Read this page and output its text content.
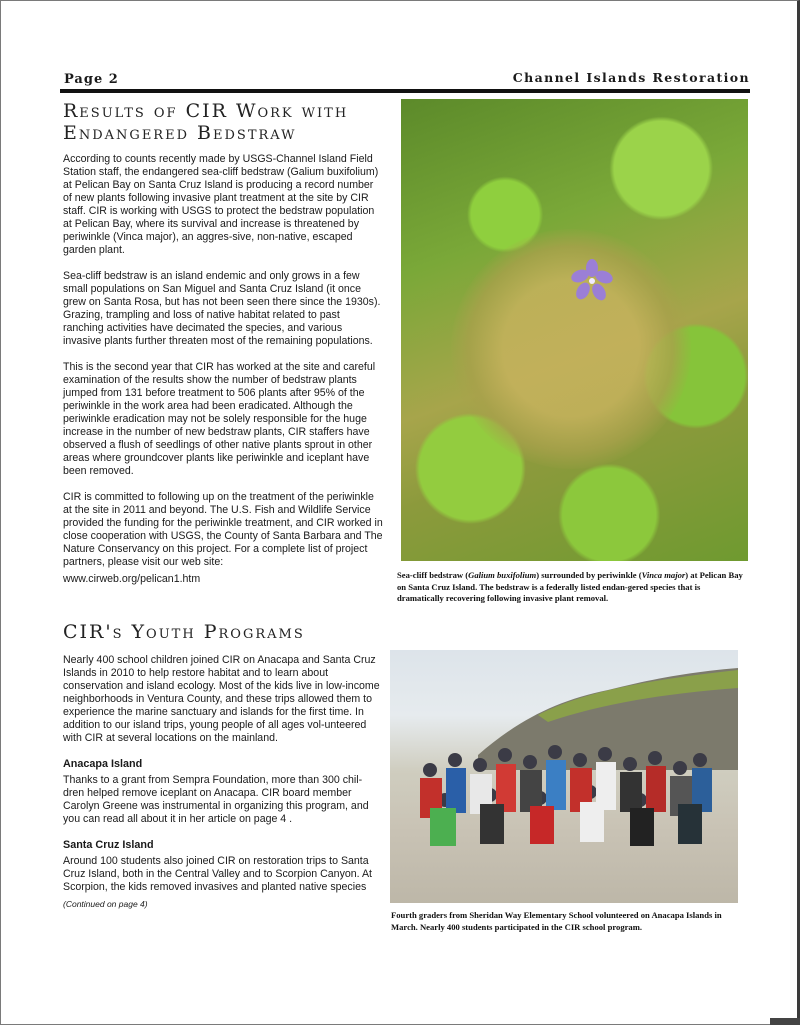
Page 2	Channel Islands Restoration
Results of CIR Work with Endangered Bedstraw

According to counts recently made by USGS-Channel Island Field Station staff, the endangered sea-cliff bedstraw (Galium buxifolium) at Pelican Bay on Santa Cruz Island is producing a record number of new plants following invasive plant treatment at the site by CIR staff. CIR is working with USGS to protect the bedstraw population at Pelican Bay, where its survival and increase is threatened by periwinkle (Vinca major), an aggres-sive, non-native, escaped garden plant.

Sea-cliff bedstraw is an island endemic and only grows in a few small populations on San Miguel and Santa Cruz Island (it once grew on Santa Rosa, but has not been seen there since the 1930s). Grazing, trampling and loss of native habitat related to past ranching activities have decimated the species, and various invasive plants further threaten most of the remaining populations.

This is the second year that CIR has worked at the site and careful examination of the results show the number of bedstraw plants jumped from 131 before treatment to 506 plants after 95% of the periwinkle in the work area had been eradicated. Although the periwinkle eradication may not be solely responsible for the huge increase in the number of new bedstraw plants, CIR staffers have observed a flush of seedlings of other native plants sprout in other areas where groundcover plants like periwinkle and iceplant have been removed.

CIR is committed to following up on the treatment of the periwinkle at the site in 2011 and beyond. The U.S. Fish and Wildlife Service provided the funding for the periwinkle treatment, and CIR worked in close cooperation with USGS, the County of Santa Barbara and The Nature Conservancy on this project. For a complete list of project partners, please visit our web site:

www.cirweb.org/pelican1.htm	Sea-cliff bedstraw (Galium buxifolium) surrounded by periwinkle (Vinca major) at Pelican Bay on Santa Cruz Island. The bedstraw is a federally listed endan-gered species that is dramatically recovering following invasive plant removal.
CIR's Youth Programs

Nearly 400 school children joined CIR on Anacapa and Santa Cruz Islands in 2010 to help restore habitat and to learn about conservation and island ecology. Most of the kids live in low-income neighborhoods in Ventura County, and these trips allowed them to experience the marine sanctuary and islands for the first time. In addition to our island trips, young people of all ages vol-unteered with CIR at several locations on the mainland.

Anacapa Island

Thanks to a grant from Sempra Foundation, more than 300 chil-dren helped remove iceplant on Anacapa. CIR board member Carolyn Greene was instrumental in organizing this program, and you can read all about it in her article on page 4 .

Santa Cruz Island

Around 100 students also joined CIR on restoration trips to Santa Cruz Island, both in the Central Valley and to Scorpion Canyon. At Scorpion, the kids removed invasives and planted native species

(Continued on page 4)
Fourth graders from Sheridan Way Elementary School volunteered on Anacapa Islands in March. Nearly 400 students participated in the CIR school program.
